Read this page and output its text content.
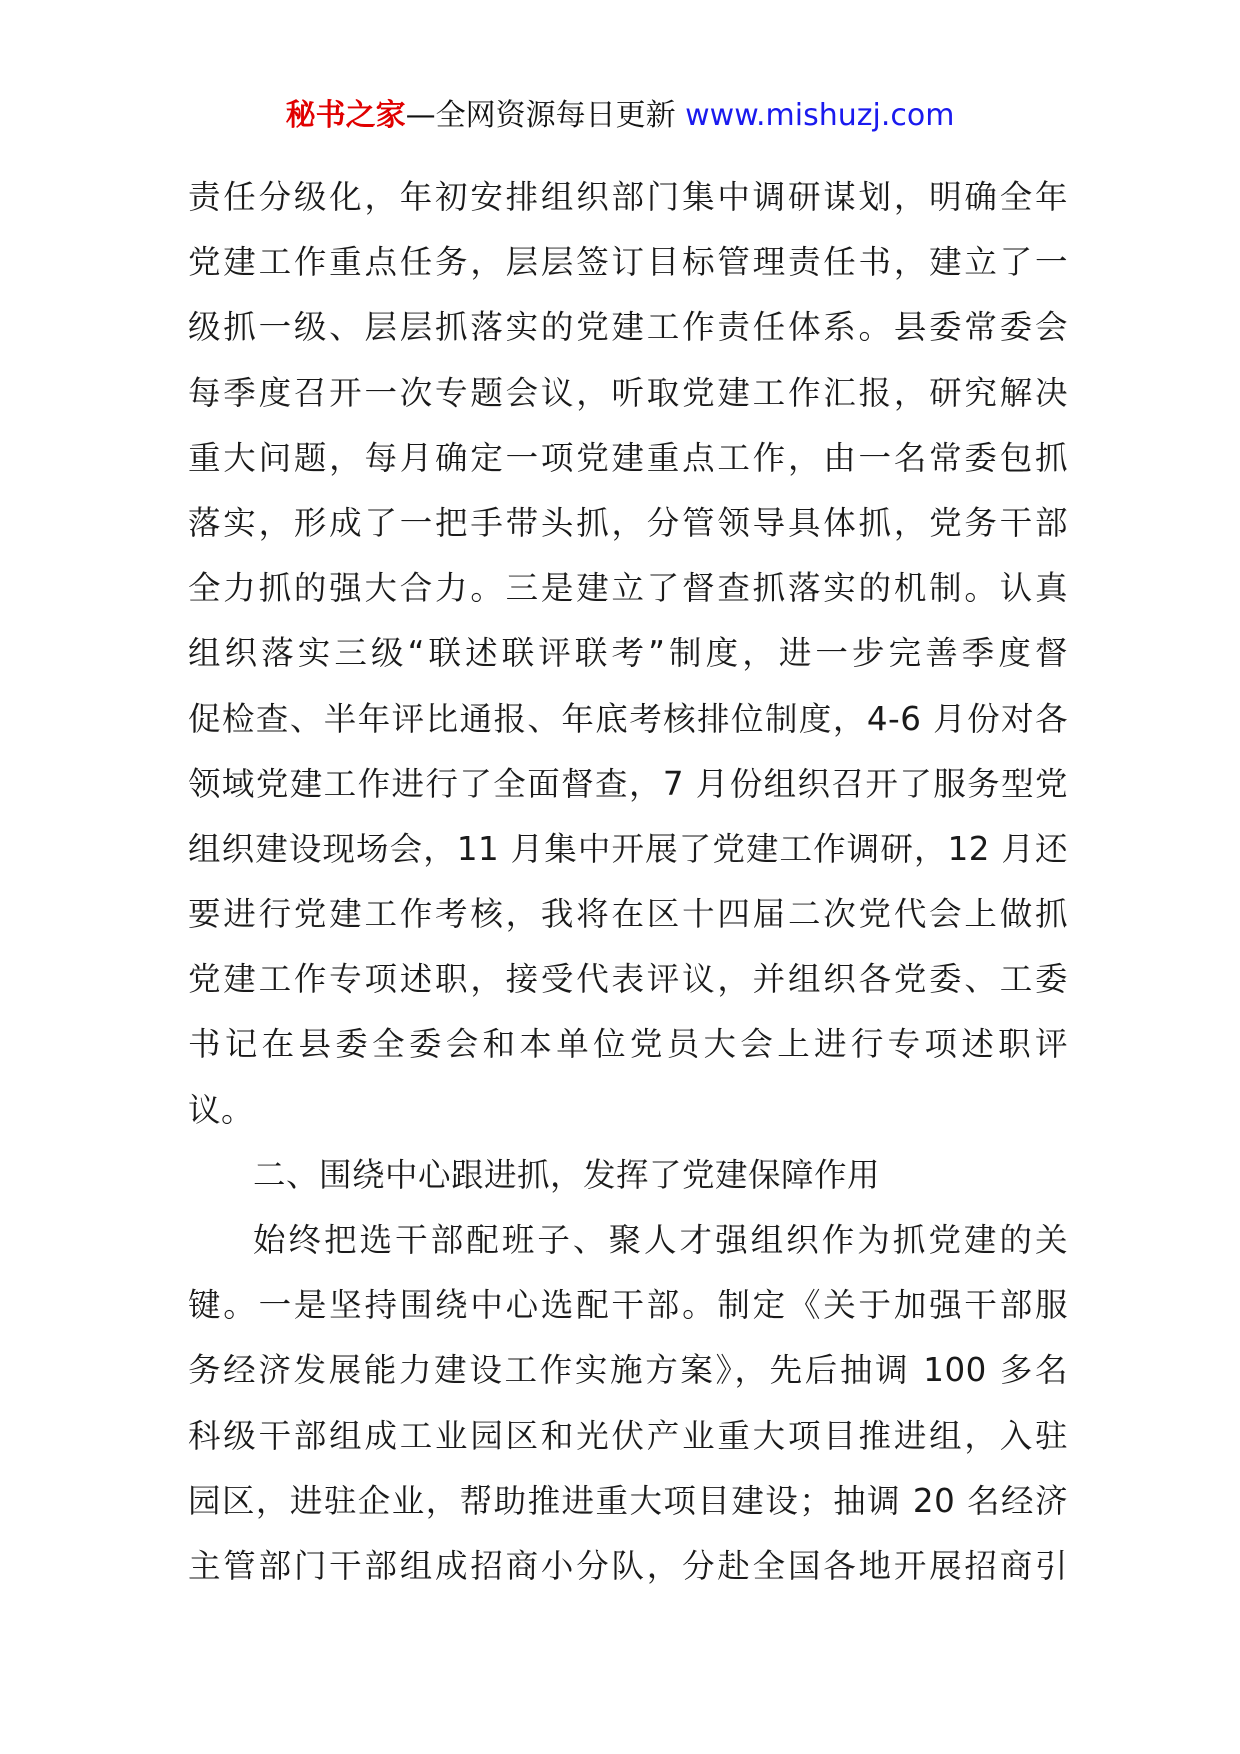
秘书之家—全网资源每日更新 www.mishuzj.com
责任分级化，年初安排组织部门集中调研谋划，明确全年
党建工作重点任务，层层签订目标管理责任书，建立了一
级抓一级、层层抓落实的党建工作责任体系。县委常委会
每季度召开一次专题会议，听取党建工作汇报，研究解决
重大问题，每月确定一项党建重点工作，由一名常委包抓
落实，形成了一把手带头抓，分管领导具体抓，党务干部
全力抓的强大合力。三是建立了督查抓落实的机制。认真
组织落实三级“联述联评联考”制度，进一步完善季度督
促检查、半年评比通报、年底考核排位制度，4-6 月份对各
领域党建工作进行了全面督查，7 月份组织召开了服务型党
组织建设现场会，11 月集中开展了党建工作调研，12 月还
要进行党建工作考核，我将在区十四届二次党代会上做抓
党建工作专项述职，接受代表评议，并组织各党委、工委
书记在县委全委会和本单位党员大会上进行专项述职评
议。
二、围绕中心跟进抓，发挥了党建保障作用
始终把选干部配班子、聚人才强组织作为抓党建的关
键。一是坚持围绕中心选配干部。制定《关于加强干部服
务经济发展能力建设工作实施方案》，先后抽调 100 多名
科级干部组成工业园区和光伏产业重大项目推进组，入驻
园区，进驻企业，帮助推进重大项目建设；抽调 20 名经济
主管部门干部组成招商小分队，分赴全国各地开展招商引
